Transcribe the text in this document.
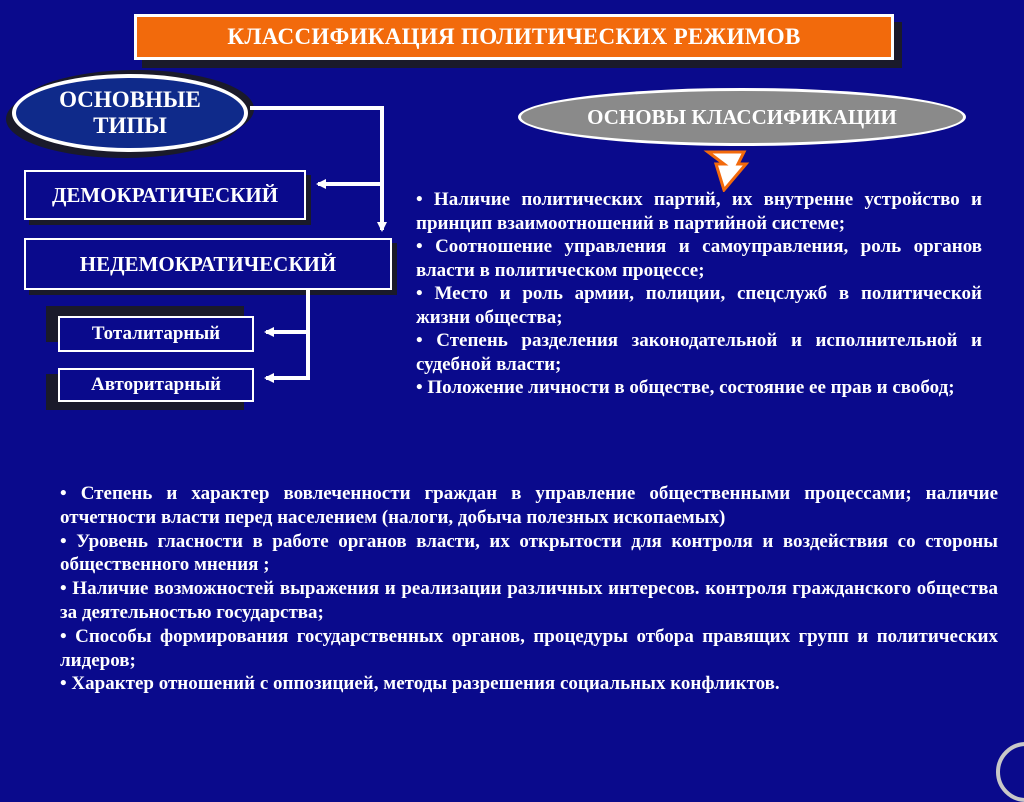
КЛАССИФИКАЦИЯ ПОЛИТИЧЕСКИХ РЕЖИМОВ
ОСНОВНЫЕ
ТИПЫ	ОСНОВЫ КЛАССИФИКАЦИИ
ДЕМОКРАТИЧЕСКИЙ
НЕДЕМОКРАТИЧЕСКИЙ
Тоталитарный
Авторитарный

• Наличие политических партий, их внутренне устройство и принцип взаимоотношений в партийной системе;

• Соотношение управления и самоуправления, роль органов власти в политическом процессе;

• Место и роль армии, полиции, спецслужб в политической жизни общества;

• Степень разделения законодательной и исполнительной и судебной власти;

• Положение личности в обществе, состояние ее прав и свобод;

• Степень и характер вовлеченности граждан в управление общественными процессами; наличие отчетности власти перед населением (налоги, добыча полезных ископаемых)

• Уровень гласности в работе органов власти, их открытости для контроля и воздействия со стороны общественного мнения ;

• Наличие возможностей выражения и реализации различных интересов. контроля гражданского общества за деятельностью государства;

• Способы формирования государственных органов, процедуры отбора правящих групп и политических лидеров;

• Характер отношений с оппозицией, методы разрешения социальных конфликтов.
